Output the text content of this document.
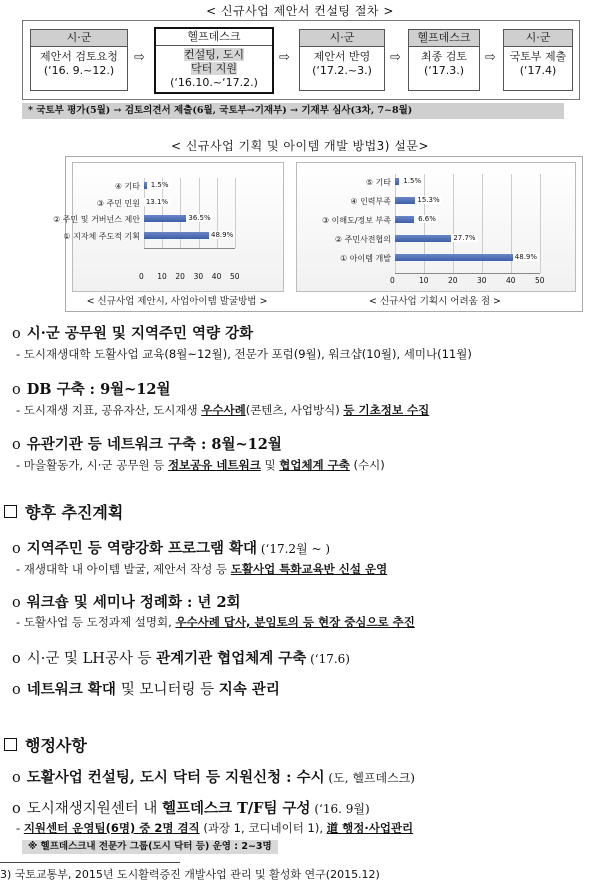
< 신규사업 제안서 컨설팅 절차 >
시·군
제안서 검토요청
(‘16. 9.~12.)
⇨
헬프데스크
컨설팅, 도시
닥터 지원
(‘16.10.~‘17.2.)
⇨
시·군
제안서 반영
(‘17.2.~3.)
⇨
헬프데스크
최종 검토
(‘17.3.)
⇨
시·군
국토부 제출
(‘17.4)
* 국토부 평가(5월) → 검토의견서 제출(6월, 국토부→기재부) → 기재부 심사(3차, 7~8월)
< 신규사업 기획 및 아이템 개발 방법3) 설문>
< 신규사업 제안시, 사업아이템 발굴방법 >	< 신규사업 기획시 어려움 점 >
0 10 20 30 40 50
④ 기타 1.5%
③ 주민 민원 13.1%
② 주민 및 거버넌스 제안	36.5%
① 지자체 주도적 기획	48.9%
0	10	20	30	40	50
⑤ 기타 1.5%
④ 인력부족	15.3%
③ 이해도/정보 부족	6.6%
② 주민사전협의	27.7%
① 아이템 개발	48.9%
o 시·군 공무원 및 지역주민 역량 강화
- 도시재생대학 도활사업 교육(8월~12월), 전문가 포럼(9월), 워크샵(10월), 세미나(11월)
o DB 구축 : 9월~12월
- 도시재생 지표, 공유자산, 도시재생 우수사례(콘텐츠, 사업방식) 등 기초정보 수집
o 유관기관 등 네트워크 구축 : 8월~12월
- 마을활동가, 시·군 공무원 등 정보공유 네트워크 및 협업체계 구축 (수시)
향후 추진계획
o 지역주민 등 역량강화 프로그램 확대 (‘17.2월 ~ )
- 재생대학 내 아이템 발굴, 제안서 작성 등 도활사업 특화교육반 신설 운영
o 워크숍 및 세미나 정례화 : 년 2회
- 도활사업 등 도정과제 설명회, 우수사례 답사, 분임토의 등 현장 중심으로 추진
o 시·군 및 LH공사 등 관계기관 협업체계 구축 (‘17.6)
o 네트워크 확대 및 모니터링 등 지속 관리
행정사항
o 도활사업 컨설팅, 도시 닥터 등 지원신청 : 수시 (도, 헬프데스크)
o 도시재생지원센터 내 헬프데스크 T/F팀 구성 (‘16. 9월)
- 지원센터 운영팀(6명) 중 2명 겸직 (과장 1, 코디네이터 1), 道 행정·사업관리
※ 헬프데스크내 전문가 그룹(도시 닥터 등) 운영 : 2~3명
3) 국토교통부, 2015년 도시활력증진 개발사업 관리 및 활성화 연구(2015.12)
